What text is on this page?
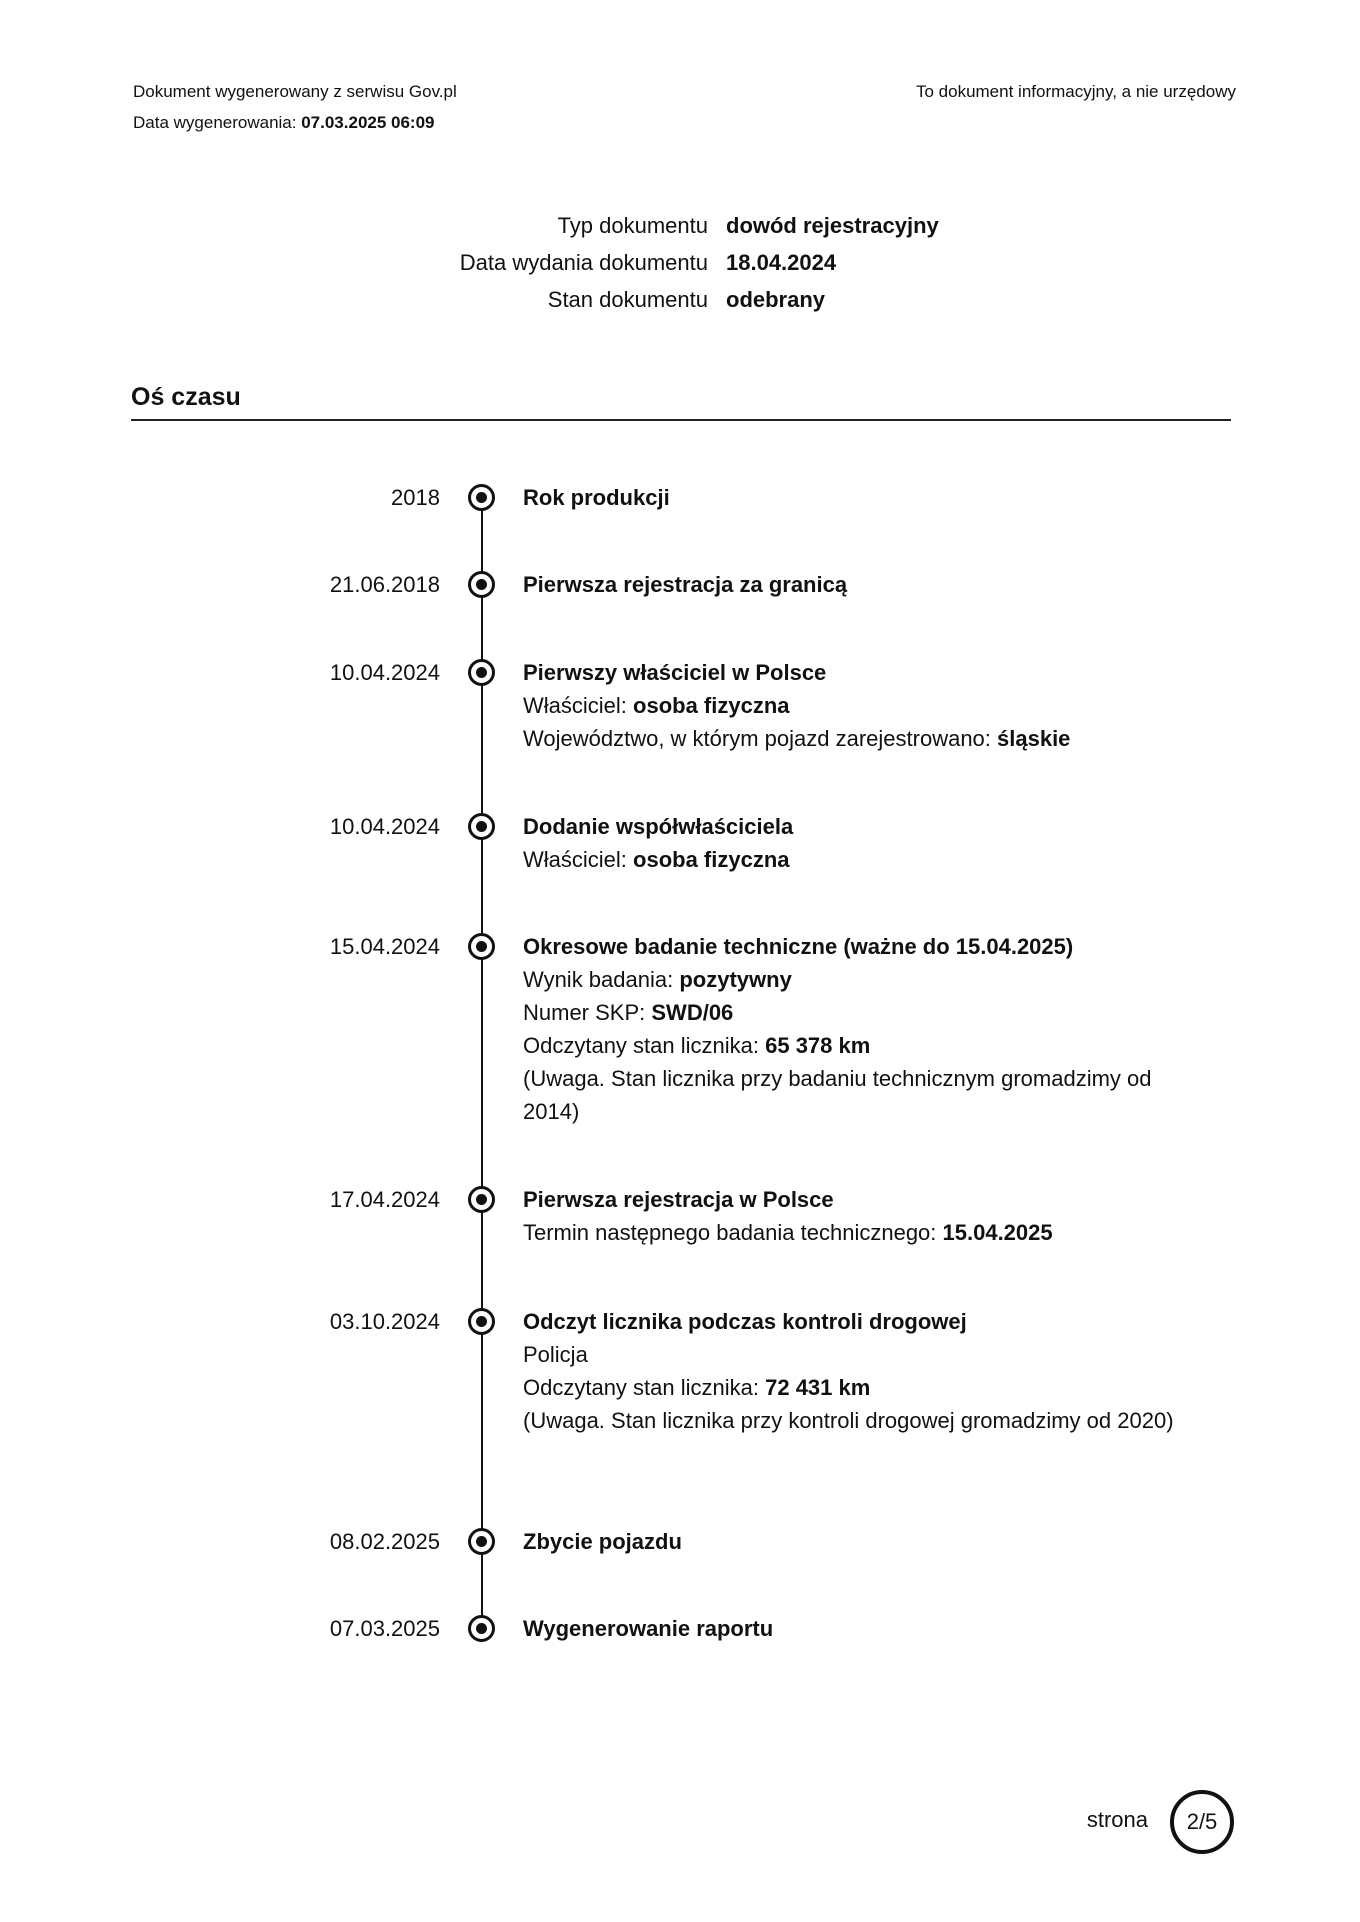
Dokument wygenerowany z serwisu Gov.pl
Data wygenerowania: 07.03.2025 06:09
To dokument informacyjny, a nie urzędowy
Typ dokumentu dowód rejestracyjny
Data wydania dokumentu 18.04.2024
Stan dokumentu odebrany
Oś czasu
2018	Rok produkcji
21.06.2018	Pierwsza rejestracja za granicą
10.04.2024	Pierwszy właściciel w Polsce
Właściciel: osoba fizyczna
Województwo, w którym pojazd zarejestrowano: śląskie
10.04.2024	Dodanie współwłaściciela
Właściciel: osoba fizyczna
15.04.2024	Okresowe badanie techniczne (ważne do 15.04.2025)
Wynik badania: pozytywny
Numer SKP: SWD/06
Odczytany stan licznika: 65 378 km
(Uwaga. Stan licznika przy badaniu technicznym gromadzimy od 2014)
17.04.2024	Pierwsza rejestracja w Polsce
Termin następnego badania technicznego: 15.04.2025
03.10.2024	Odczyt licznika podczas kontroli drogowej
Policja
Odczytany stan licznika: 72 431 km
(Uwaga. Stan licznika przy kontroli drogowej gromadzimy od 2020)
08.02.2025	Zbycie pojazdu
07.03.2025	Wygenerowanie raportu
strona	2/5
